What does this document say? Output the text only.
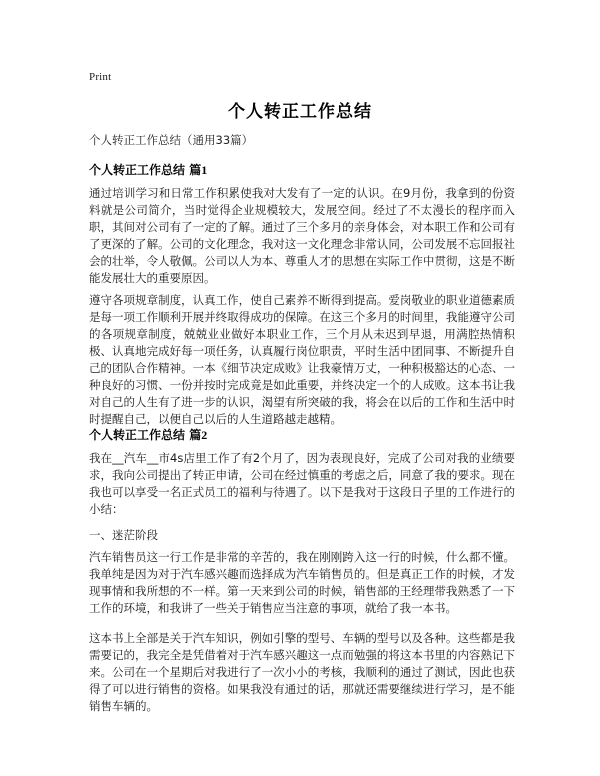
Print
个人转正工作总结
个人转正工作总结（通用33篇）
个人转正工作总结 篇1
通过培训学习和日常工作积累使我对大发有了一定的认识。在9月份，我拿到的份资料就是公司简介，当时觉得企业规模较大，发展空间。经过了不太漫长的程序而入职，其间对公司有了一定的了解。通过了三个多月的亲身体会，对本职工作和公司有了更深的了解。公司的文化理念，我对这一文化理念非常认同，公司发展不忘回报社会的壮举，令人敬佩。公司以人为本、尊重人才的思想在实际工作中贯彻，这是不断能发展壮大的重要原因。
遵守各项规章制度，认真工作，使自己素养不断得到提高。爱岗敬业的职业道德素质是每一项工作顺利开展并终取得成功的保障。在这三个多月的时间里，我能遵守公司的各项规章制度，兢兢业业做好本职业工作，三个月从未迟到早退，用满腔热情积极、认真地完成好每一项任务，认真履行岗位职责，平时生活中团同事、不断提升自己的团队合作精神。一本《细节决定成败》让我豪情万丈，一种积极豁达的心态、一种良好的习惯、一份并按时完成竟是如此重要，并终决定一个的人成败。这本书让我对自己的人生有了进一步的认识，渴望有所突破的我，将会在以后的工作和生活中时时提醒自己，以便自己以后的人生道路越走越精。
个人转正工作总结 篇2
我在__汽车__市4s店里工作了有2个月了，因为表现良好，完成了公司对我的业绩要求，我向公司提出了转正申请，公司在经过慎重的考虑之后，同意了我的要求。现在我也可以享受一名正式员工的福利与待遇了。以下是我对于这段日子里的工作进行的小结：
一、迷茫阶段
汽车销售员这一行工作是非常的辛苦的，我在刚刚跨入这一行的时候，什么都不懂。我单纯是因为对于汽车感兴趣而选择成为汽车销售员的。但是真正工作的时候，才发现事情和我所想的不一样。第一天来到公司的时候，销售部的王经理带我熟悉了一下工作的环境，和我讲了一些关于销售应当注意的事项，就给了我一本书。
这本书上全部是关于汽车知识，例如引擎的型号、车辆的型号以及各种。这些都是我需要记的，我完全是凭借着对于汽车感兴趣这一点而勉强的将这本书里的内容熟记下来。公司在一个星期后对我进行了一次小小的考核，我顺利的通过了测试，因此也获得了可以进行销售的资格。如果我没有通过的话，那就还需要继续进行学习，是不能销售车辆的。
